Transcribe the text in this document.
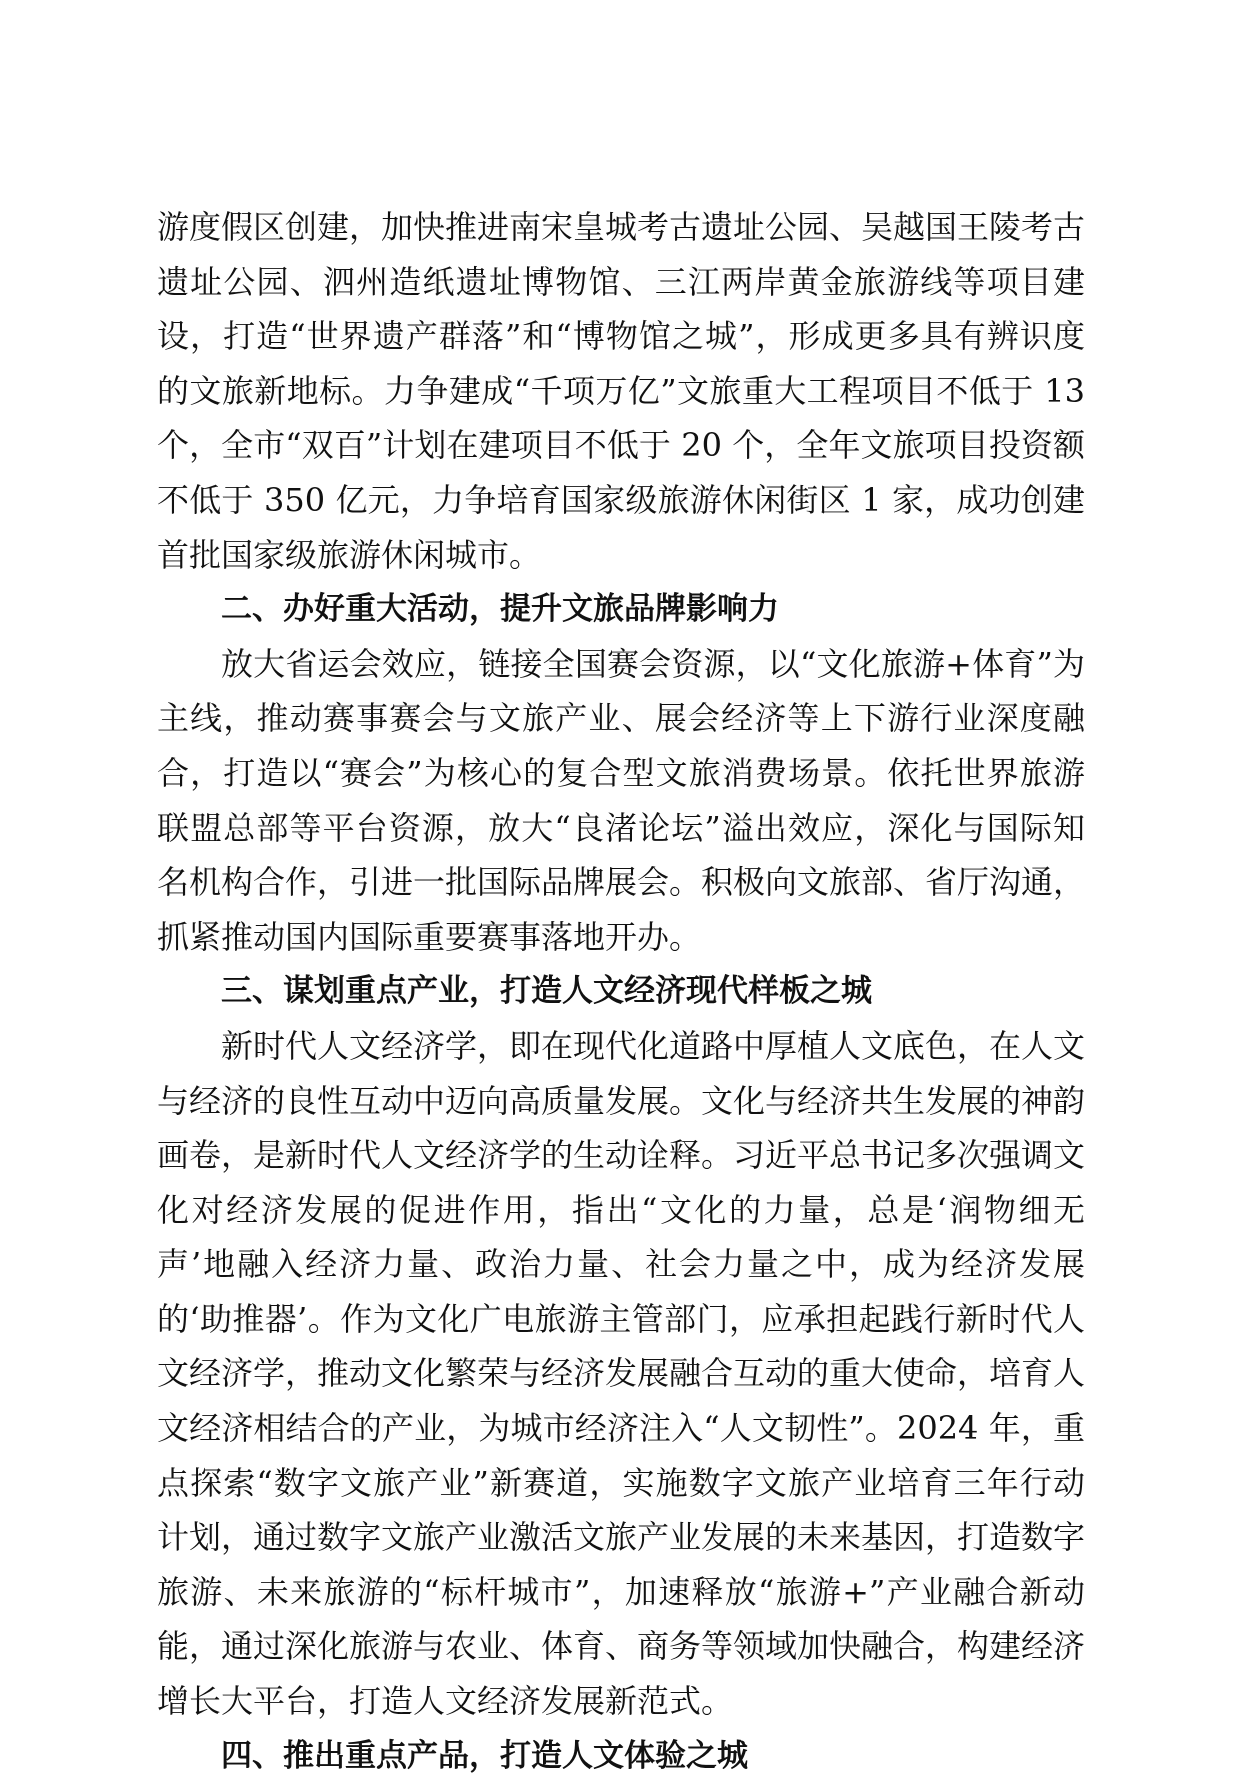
游度假区创建，加快推进南宋皇城考古遗址公园、吴越国王陵考古遗址公园、泗州造纸遗址博物馆、三江两岸黄金旅游线等项目建设，打造“世界遗产群落”和“博物馆之城”，形成更多具有辨识度的文旅新地标。力争建成“千项万亿”文旅重大工程项目不低于 13 个，全市“双百”计划在建项目不低于 20 个，全年文旅项目投资额不低于 350 亿元，力争培育国家级旅游休闲街区 1 家，成功创建首批国家级旅游休闲城市。

二、办好重大活动，提升文旅品牌影响力

放大省运会效应，链接全国赛会资源，以“文化旅游+体育”为主线，推动赛事赛会与文旅产业、展会经济等上下游行业深度融合，打造以“赛会”为核心的复合型文旅消费场景。依托世界旅游联盟总部等平台资源，放大“良渚论坛”溢出效应，深化与国际知名机构合作，引进一批国际品牌展会。积极向文旅部、省厅沟通，抓紧推动国内国际重要赛事落地开办。

三、谋划重点产业，打造人文经济现代样板之城

新时代人文经济学，即在现代化道路中厚植人文底色，在人文与经济的良性互动中迈向高质量发展。文化与经济共生发展的神韵画卷，是新时代人文经济学的生动诠释。习近平总书记多次强调文化对经济发展的促进作用，指出“文化的力量，总是‘润物细无声’地融入经济力量、政治力量、社会力量之中，成为经济发展的‘助推器’。作为文化广电旅游主管部门，应承担起践行新时代人文经济学，推动文化繁荣与经济发展融合互动的重大使命，培育人文经济相结合的产业，为城市经济注入“人文韧性”。2024 年，重点探索“数字文旅产业”新赛道，实施数字文旅产业培育三年行动计划，通过数字文旅产业激活文旅产业发展的未来基因，打造数字旅游、未来旅游的“标杆城市”，加速释放“旅游+”产业融合新动能，通过深化旅游与农业、体育、商务等领域加快融合，构建经济增长大平台，打造人文经济发展新范式。

四、推出重点产品，打造人文体验之城
